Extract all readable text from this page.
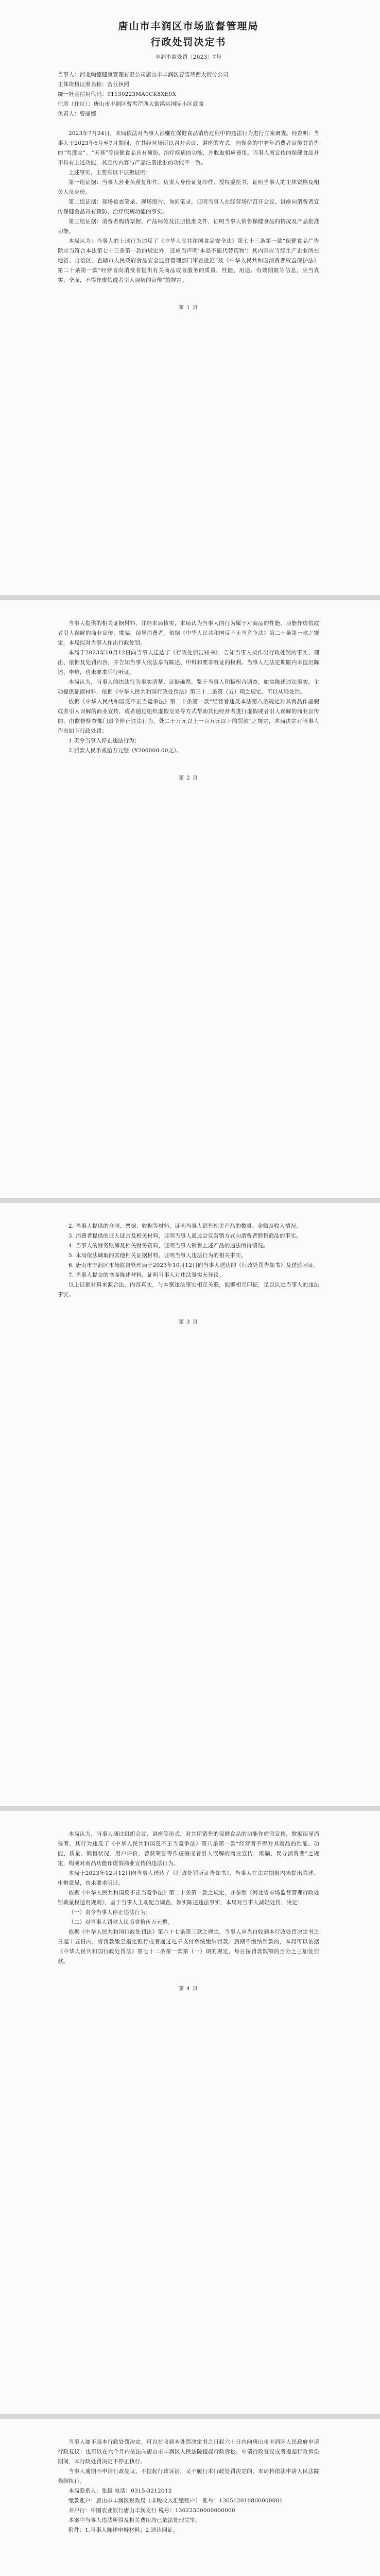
唐山市丰润区市场监督管理局
行政处罚决定书
丰润市监处罚〔2023〕7号

当事人：河北翰德健康管理有限公司唐山市丰润区曹雪芹西大街分公司

主体资格证照名称：营业执照

统一社会信用代码：91130223MA0CK8XE0X

住所（住址）：唐山市丰润区曹雪芹西大街鸿运国际小区底商

负责人：曹丽娜

2023年7月24日，本局依法对当事人涉嫌在保健食品销售过程中的违法行为进行立案调查。经查明：当事人于2023年6月至7月期间，在其经营场所以召开会议、讲座的方式，向参会的中老年消费者宣传其销售的“雪莲宝”、“天基”等保健食品具有预防、治疗疾病的功能，并收取相应费用。当事人所宣传的保健食品并不具有上述功能，其宣传内容与产品注册批准的功能不一致。

上述事实，主要有以下证据证明：

第一组证据：当事人营业执照复印件、负责人身份证复印件、授权委托书，证明当事人的主体资格及相关人员身份。

第二组证据：现场检查笔录、现场照片、询问笔录，证明当事人在经营场所召开会议、讲座向消费者宣传保健食品具有预防、治疗疾病功能的事实。

第三组证据：消费者购货票据、产品标签及注册批准文件，证明当事人销售保健食品的情况及产品批准功能。

本局认为：当事人的上述行为违反了《中华人民共和国食品安全法》第七十三条第一款“保健食品广告除应当符合本法第七十三条第一款的规定外，还应当声明‘本品不能代替药物’；其内容应当经生产企业所在地省、自治区、直辖市人民政府食品安全监督管理部门审查批准”及《中华人民共和国消费者权益保护法》第二十条第一款“经营者向消费者提供有关商品或者服务的质量、性能、用途、有效期限等信息，应当真实、全面，不得作虚假或者引人误解的宣传”的规定。

第 1 页

当事人提供的相关证据材料，并经本局核实，本局认为当事人的行为属于对商品的性能、功能作虚假或者引人误解的商业宣传，欺骗、误导消费者。依据《中华人民共和国反不正当竞争法》第二十条第一款之规定，本局拟对当事人作出行政处罚。

本局于2023年10月12日向当事人送达了《行政处罚告知书》，告知当事人拟作出行政处罚的事实、理由、依据及处罚内容，并告知当事人依法享有陈述、申辩和要求听证的权利。当事人在法定期限内未提出陈述、申辩，也未要求举行听证。

本局认为，当事人的违法行为事实清楚、证据确凿。鉴于当事人积极配合调查，如实陈述违法事实，主动提供证据材料，依据《中华人民共和国行政处罚法》第三十二条第（五）项之规定，可以从轻处罚。

依据《中华人民共和国反不正当竞争法》第二十条第一款“经营者违反本法第八条规定对其商品作虚假或者引人误解的商业宣传，或者通过组织虚假交易等方式帮助其他经营者进行虚假或者引人误解的商业宣传的，由监督检查部门责令停止违法行为，处二十万元以上一百万元以下的罚款”之规定，本局决定对当事人作出如下行政处罚：

1.责令当事人停止违法行为；

2.罚款人民币贰拾万元整（¥200000.00元）。

第 2 页

2. 当事人提供的合同、票据、收据等材料，证明当事人销售相关产品的数量、金额及收入情况。

3. 消费者提供的证人证言及相关材料，证明当事人通过会议营销方式向消费者销售商品的事实。

4. 当事人的财务账簿及相关财务资料，证明当事人销售上述产品的违法所得情况。

5. 本局依法调取的其他相关证据材料，证明当事人违法行为的相关事实。

6. 唐山市丰润区市场监督管理局于2023年10月12日向当事人送达的《行政处罚告知书》及送达回证。

7. 当事人提交的书面陈述材料，证明当事人对违法事实无异议。

以上证据材料来源合法、内容真实，与本案违法事实相互关联，能够相互印证，足以认定当事人的违法事实。

第 3 页

本局认为，当事人通过组织会议、讲座等形式，对其所销售的保健食品的功能作虚假宣传，欺骗误导消费者，其行为违反了《中华人民共和国反不正当竞争法》第八条第一款“经营者不得对其商品的性能、功能、质量、销售状况、用户评价、曾获荣誉等作虚假或者引人误解的商业宣传，欺骗、误导消费者”之规定，构成对商品功能作虚假商业宣传的违法行为。

本局于2023年12月12日向当事人送达了《行政处罚听证告知书》，当事人在法定期限内未提出陈述、申辩意见，也未要求听证。

依据《中华人民共和国反不正当竞争法》第二十条第一款之规定，并参照《河北省市场监督管理行政处罚裁量权适用规则》，鉴于当事人主动配合调查、如实陈述违法事实，本局对当事人减轻处罚，决定：

（一）责令当事人停止违法行为；

（二）对当事人罚款人民币壹拾伍万元整。

依据《中华人民共和国行政处罚法》第六十七条第三款之规定，当事人应当自收到本行政处罚决定书之日起十五日内，将罚款缴至指定银行或者通过电子支付系统缴纳罚款。到期不缴纳罚款的，本局可以依据《中华人民共和国行政处罚法》第七十二条第一款第（一）项的规定，每日按罚款数额的百分之三加处罚款。

第 4 页

当事人如不服本行政处罚决定，可以在收到本处罚决定书之日起六十日内向唐山市丰润区人民政府申请行政复议；也可以在六个月内依法向唐山市丰润区人民法院提起行政诉讼。申请行政复议或者提起行政诉讼期间，本行政处罚决定不停止执行。

当事人逾期不申请行政复议、不提起行政诉讼，又不履行本行政处罚决定的，本局将依法申请人民法院强制执行。

本局联系人：张越 电话：0315-3212012

缴款账户：唐山市丰润区财政局（非税收入汇缴账户） 账号：130512010800000001

开户行：中国农业银行唐山丰润支行 税号：13022300000000000

本案中当事人违法所得及相关费用均已依法处理完毕。

附件：1.当事人陈述申辩材料；2.送达回证。
